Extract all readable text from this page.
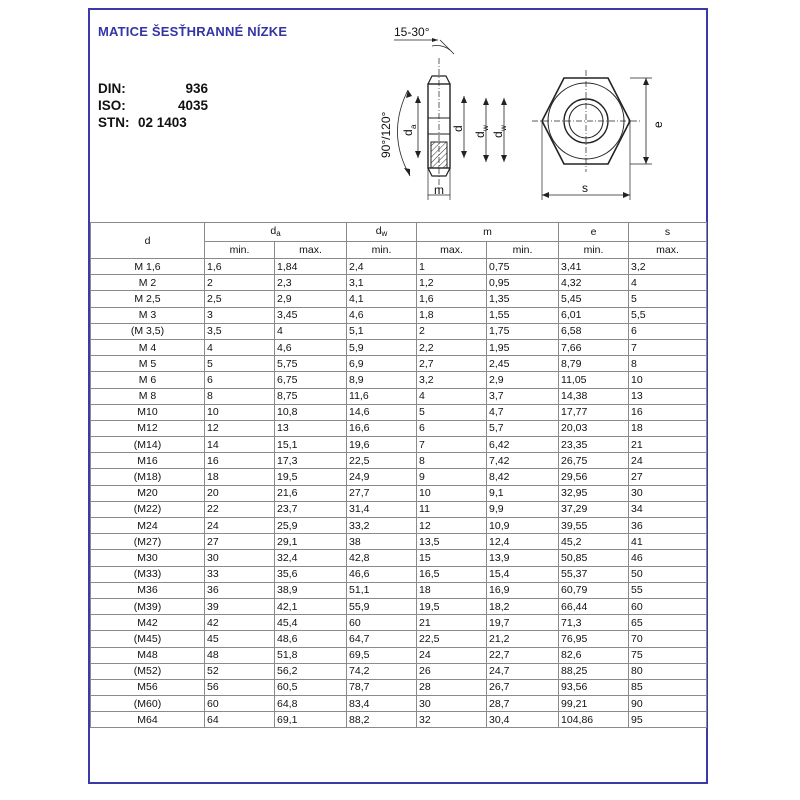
MATICE ŠESŤHRANNÉ NÍZKE
DIN:	936
ISO:	4035
STN: 02 1403
15-30°
90°/120° d
a	d
d
w
d
w
m	s
e
d	da		dw	m		e	s
	min.	max.	min.	max.	min.	min.	max.
M 1,6	1,6	1,84	2,4	1	0,75	3,41	3,2
M 2	2	2,3	3,1	1,2	0,95	4,32	4
M 2,5	2,5	2,9	4,1	1,6	1,35	5,45	5
M 3	3	3,45	4,6	1,8	1,55	6,01	5,5
(M 3,5)	3,5	4	5,1	2	1,75	6,58	6
M 4	4	4,6	5,9	2,2	1,95	7,66	7
M 5	5	5,75	6,9	2,7	2,45	8,79	8
M 6	6	6,75	8,9	3,2	2,9	11,05	10
M 8	8	8,75	11,6	4	3,7	14,38	13
M10	10	10,8	14,6	5	4,7	17,77	16
M12	12	13	16,6	6	5,7	20,03	18
(M14)	14	15,1	19,6	7	6,42	23,35	21
M16	16	17,3	22,5	8	7,42	26,75	24
(M18)	18	19,5	24,9	9	8,42	29,56	27
M20	20	21,6	27,7	10	9,1	32,95	30
(M22)	22	23,7	31,4	11	9,9	37,29	34
M24	24	25,9	33,2	12	10,9	39,55	36
(M27)	27	29,1	38	13,5	12,4	45,2	41
M30	30	32,4	42,8	15	13,9	50,85	46
(M33)	33	35,6	46,6	16,5	15,4	55,37	50
M36	36	38,9	51,1	18	16,9	60,79	55
(M39)	39	42,1	55,9	19,5	18,2	66,44	60
M42	42	45,4	60	21	19,7	71,3	65
(M45)	45	48,6	64,7	22,5	21,2	76,95	70
M48	48	51,8	69,5	24	22,7	82,6	75
(M52)	52	56,2	74,2	26	24,7	88,25	80
M56	56	60,5	78,7	28	26,7	93,56	85
(M60)	60	64,8	83,4	30	28,7	99,21	90
M64	64	69,1	88,2	32	30,4	104,86	95
